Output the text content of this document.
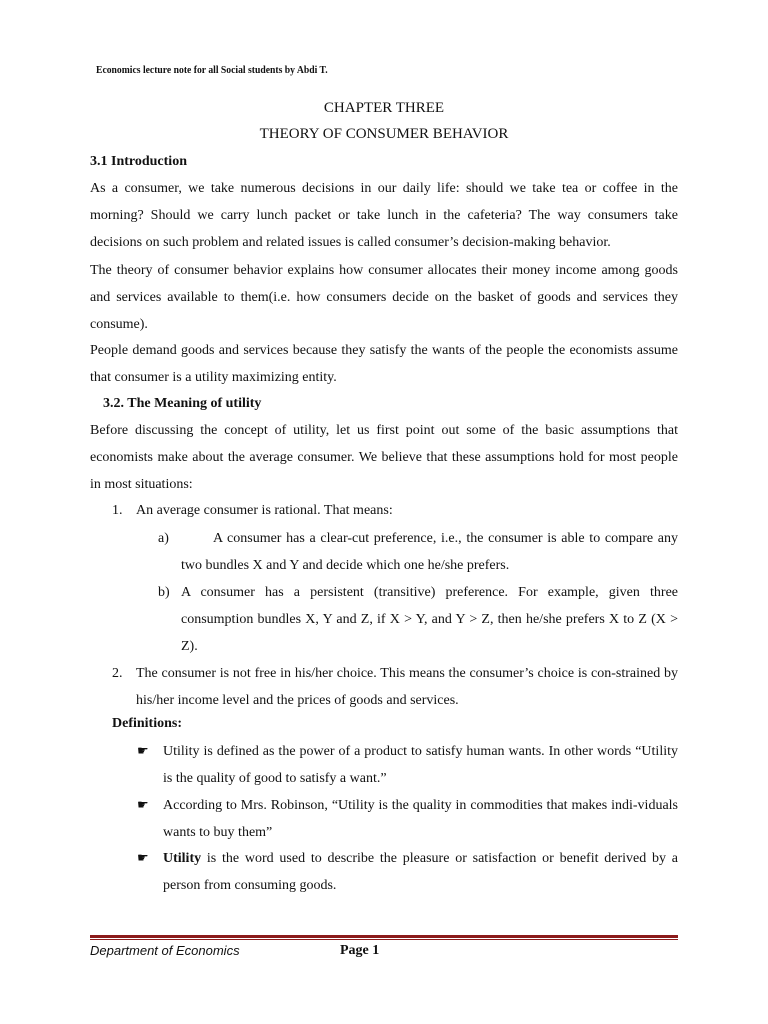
Economics lecture note for all Social students by Abdi T.
CHAPTER THREE
THEORY OF CONSUMER BEHAVIOR
3.1 Introduction
As a consumer, we take numerous decisions in our daily life: should we take tea or coffee in the morning? Should we carry lunch packet or take lunch in the cafeteria? The way consumers take decisions on such problem and related issues is called consumer’s decision-making behavior.
The theory of consumer behavior explains how consumer allocates their money income among goods and services available to them(i.e. how consumers decide on the basket of goods and services they consume).
People demand goods and services because they satisfy the wants of the people the economists assume that consumer is a utility maximizing entity.
3.2. The Meaning of utility
Before discussing the concept of utility, let us first point out some of the basic assumptions that economists make about the average consumer. We believe that these assumptions hold for most people in most situations:
1. An average consumer is rational. That means:
a)	A consumer has a clear-cut preference, i.e., the consumer is able to compare any two bundles X and Y and decide which one he/she prefers.
b) A consumer has a persistent (transitive) preference. For example, given three consumption bundles X, Y and Z, if X > Y, and Y > Z, then he/she prefers X to Z (X > Z).
2. The consumer is not free in his/her choice. This means the consumer’s choice is con-strained by his/her income level and the prices of goods and services.
Definitions:
☛ Utility is defined as the power of a product to satisfy human wants. In other words “Utility is the quality of good to satisfy a want.”
☛ According to Mrs. Robinson, “Utility is the quality in commodities that makes indi-viduals wants to buy them”
☛ Utility is the word used to describe the pleasure or satisfaction or benefit derived by a person from consuming goods.
Department of Economics	Page 1
